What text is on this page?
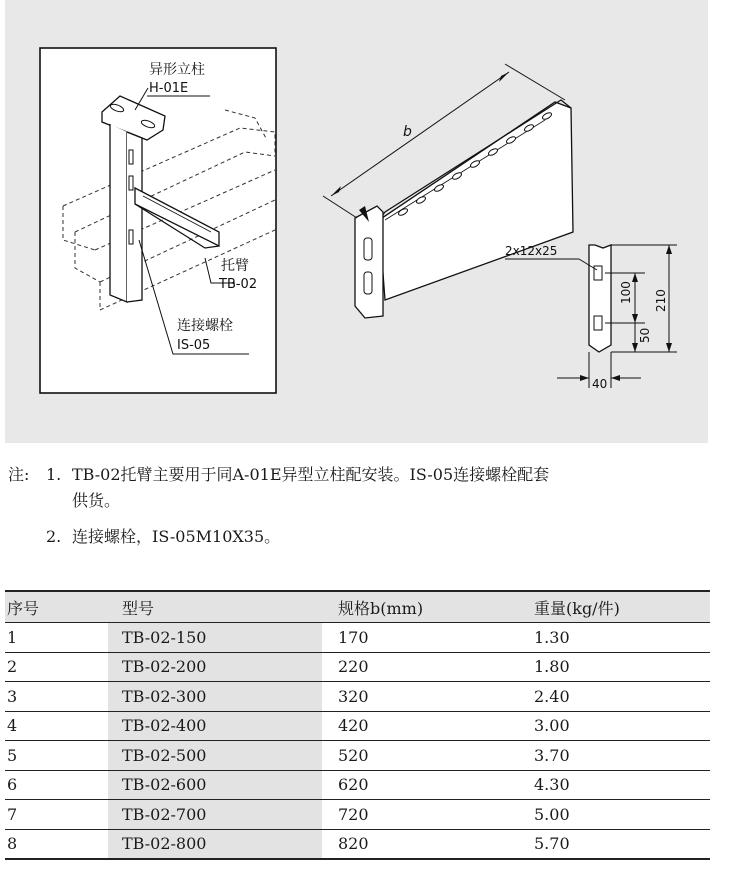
异形立柱
H-01E
托臂
TB-02
连接螺栓
IS-05
b
2x12x25
100
50
210
40
注: 1. TB-02托臂主要用于同A-01E异型立柱配安装。IS-05连接螺栓配套
供货。
2. 连接螺栓，IS-05M10X35。
序号	型号	规格b(mm)	重量(kg/件)
1	TB-02-150	170	1.30
2	TB-02-200	220	1.80
3	TB-02-300	320	2.40
4	TB-02-400	420	3.00
5	TB-02-500	520	3.70
6	TB-02-600	620	4.30
7	TB-02-700	720	5.00
8	TB-02-800	820	5.70
